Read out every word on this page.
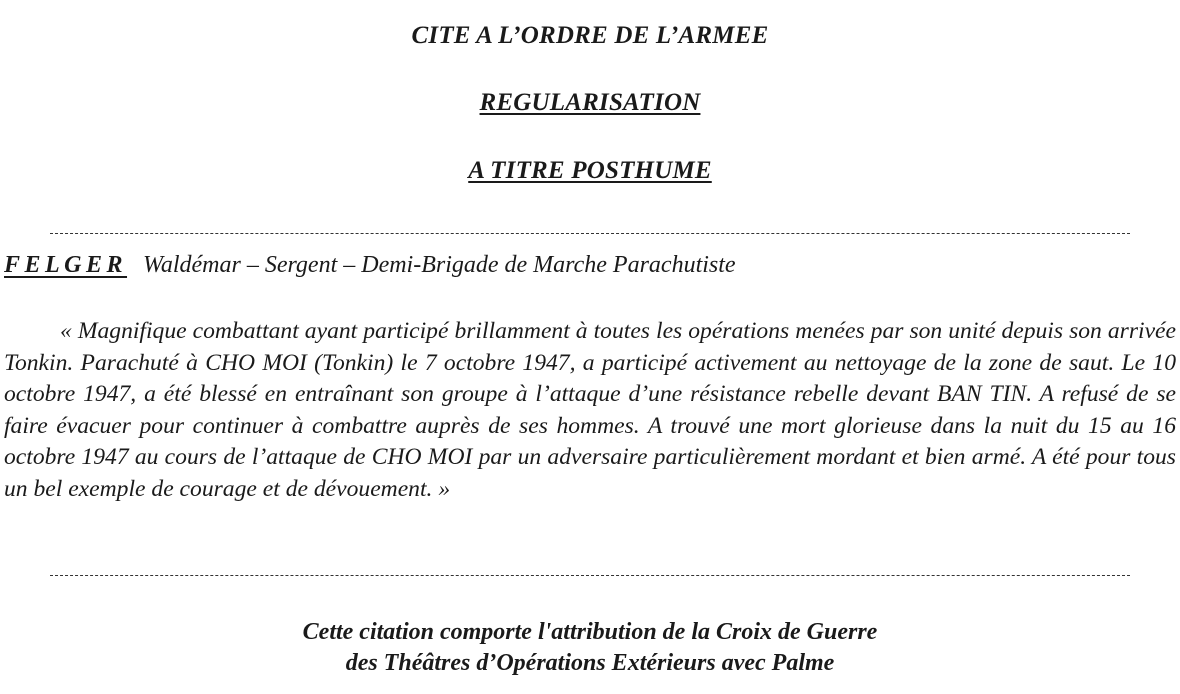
CITE A L’ORDRE DE L’ARMEE

REGULARISATION

A TITRE POSTHUME

FELGER Waldémar – Sergent – Demi-Brigade de Marche Parachutiste

« Magnifique combattant ayant participé brillamment à toutes les opérations menées par son unité depuis son arrivée Tonkin. Parachuté à CHO MOI (Tonkin) le 7 octobre 1947, a participé activement au nettoyage de la zone de saut. Le 10 octobre 1947, a été blessé en entraînant son groupe à l’attaque d’une résistance rebelle devant BAN TIN. A refusé de se faire évacuer pour continuer à combattre auprès de ses hommes. A trouvé une mort glorieuse dans la nuit du 15 au 16 octobre 1947 au cours de l’attaque de CHO MOI par un adversaire particulièrement mordant et bien armé. A été pour tous un bel exemple de courage et de dévouement. »

Cette citation comporte l'attribution de la Croix de Guerre

des Théâtres d’Opérations Extérieurs avec Palme
